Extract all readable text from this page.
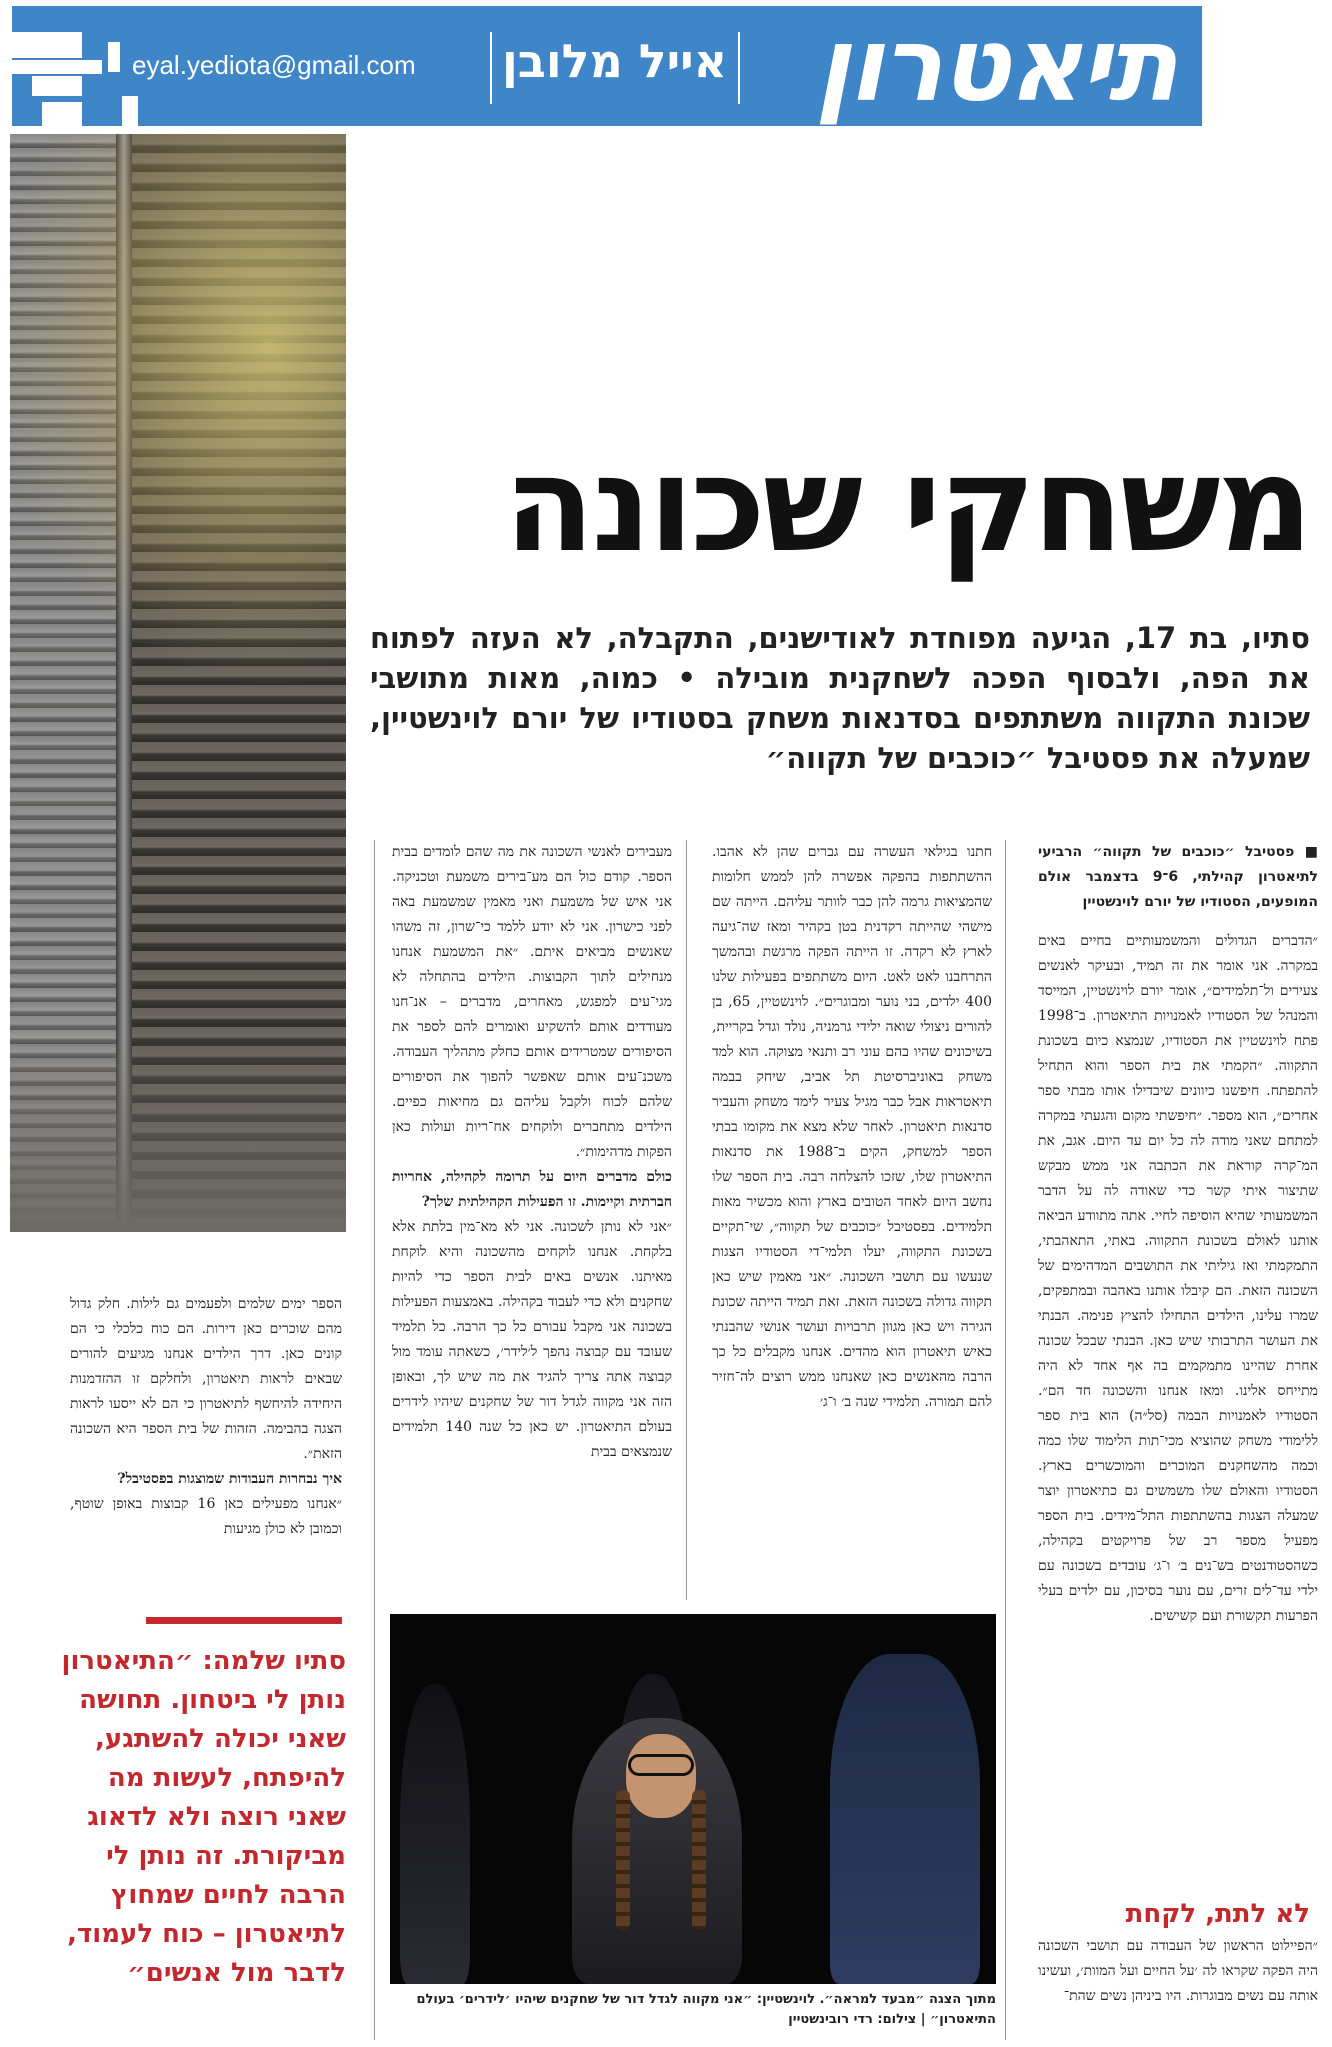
eyal.yediota@gmail.com אייל מלובן תיאטרון
משחקי שכונה

סתיו, בת 17, הגיעה מפוחדת לאודישנים, התקבלה, לא העזה לפתוח את הפה, ולבסוף הפכה לשחקנית מובילה • כמוה, מאות מתושבי שכונת התקווה משתתפים בסדנאות משחק בסטודיו של יורם לוינשטיין, שמעלה את פסטיבל ״כוכבים של תקווה״

■ פסטיבל ״כוכבים של תקווה״ הרביעי לתיאטרון קהילתי, 6־9 בדצמבר אולם המופעים, הסטודיו של יורם לוינשטיין
״הדברים הגדולים והמשמעותיים בחיים באים במקרה. אני אומר את זה תמיד, ובעיקר לאנשים צעירים ול־תלמידים״, אומר יורם לוינשטיין, המייסד והמנהל של הסטודיו לאמנויות התיאטרון. ב־1998 פתח לוינשטיין את הסטודיו, שנמצא כיום בשכונת התקווה. ״הקמתי את בית הספר והוא התחיל להתפתח. חיפשנו כיוונים שיבדילו אותו מבתי ספר אחרים״, הוא מספר. ״חיפשתי מקום והגעתי במקרה למתחם שאני מודה לה כל יום עד היום. אגב, את המ־קרה קוראת את הכתבה אני ממש מבקש שתיצור איתי קשר כדי שאודה לה על הדבר המשמעותי שהיא הוסיפה לחיי. אתה מתוודע הביאה אותנו לאולם בשכונת התקווה. באתי, התאהבתי, התמקמתי ואז גיליתי את התושבים המדהימים של השכונה הזאת. הם קיבלו אותנו באהבה ובמתפקים, שמרו עלינו, הילדים התחילו להציץ פנימה. הבנתי את העושר התרבותי שיש כאן. הבנתי שבכל שכונה אחרת שהיינו מתמקמים בה אף אחד לא היה מתייחס אלינו. ומאז אנחנו והשכונה חד הם״. הסטודיו לאמנויות הבמה (סל״ה) הוא בית ספר ללימודי משחק שהוציא מכי־תות הלימוד שלו כמה וכמה מהשחקנים המוכרים והמוכשרים בארץ. הסטודיו והאולם שלו משמשים גם כתיאטרון יוצר שמעלה הצגות בהשתתפות התל־מידים. בית הספר מפעיל מספר רב של פרויקטים בקהילה, כשהסטודנטים בש־נים ב׳ ו־ג׳ עובדים בשכונה עם ילדי עד־לים זרים, עם נוער בסיכון, עם ילדים בעלי הפרעות תקשורת ועם קשישים.
לא לתת, לקחת
״הפיילוט הראשון של העבודה עם תושבי השכונה היה הפקה שקראו לה ׳על החיים ועל המוות׳, ועשינו אותה עם נשים מבוגרות. היו ביניהן נשים שהת־
חתנו בגילאי העשרה עם גברים שהן לא אהבו. ההשתתפות בהפקה אפשרה להן לממש חלומות שהמציאות גרמה להן כבר לוותר עליהם. הייתה שם מישהי שהייתה רקדנית בטן בקהיר ומאז שה־גיעה לארץ לא רקדה. זו הייתה הפקה מרגשת ובהמשך התרחבנו לאט לאט. היום משתתפים בפעילות שלנו 400 ילדים, בני נוער ומבוגרים״. לוינשטיין, 65, בן להורים ניצולי שואה ילידי גרמניה, נולד וגדל בקריית, בשיכונים שהיו בהם עוני רב ותנאי מצוקה. הוא למד משחק באוניברסיטת תל אביב, שיחק בבמה תיאטראות אבל כבר מגיל צעיר לימד משחק והעביר סדנאות תיאטרון. לאחר שלא מצא את מקומו בבתי הספר למשחק, הקים ב־1988 את סדנאות התיאטרון שלו, שזכו להצלחה רבה. בית הספר שלו נחשב היום לאחד הטובים בארץ והוא מכשיר מאות תלמידים. בפסטיבל ״כוכבים של תקווה״, שי־תקיים בשכונת התקווה, יעלו תלמי־די הסטודיו הצגות שנעשו עם תושבי השכונה. ״אני מאמין שיש כאן תקווה גדולה בשכונה הזאת. זאת תמיד הייתה שכונת הגירה ויש כאן מגוון תרבויות ועושר אנושי שהבנתי כאיש תיאטרון הוא מהדים. אנחנו מקבלים כל כך הרבה מהאנשים כאן שאנחנו ממש רוצים לה־חזיר להם תמורה. תלמידי שנה ב׳ ו־ג׳
מעבירים לאנשי השכונה את מה שהם לומדים בבית הספר. קודם כול הם מע־בירים משמעת וטכניקה. אני איש של משמעת ואני מאמין שמשמעת באה לפני כישרון. אני לא יודע ללמד כי־שרון, זה משהו שאנשים מביאים איתם. ״את המשמעת אנחנו מנחילים לתוך הקבוצות. הילדים בהתחלה לא מגי־עים למפגש, מאחרים, מדברים – אנ־חנו מעודדים אותם להשקיע ואומרים להם לספר את הסיפורים שמטרידים אותם כחלק מתהליך העבודה. משכנ־עים אותם שאפשר להפוך את הסיפורים שלהם לכוח ולקבל עליהם גם מחיאות כפיים. הילדים מתחברים ולוקחים אח־ריות ועולות כאן הפקות מדהימות״.
כולם מדברים היום על תרומה לקהילה, אחריות חברתית וקיימות. זו הפעילות הקהילתית שלך?
״אני לא נותן לשכונה. אני לא מא־מין בלתת אלא בלקחת. אנחנו לוקחים מהשכונה והיא לוקחת מאיתנו. אנשים באים לבית הספר כדי להיות שחקנים ולא כדי לעבוד בקהילה. באמצעות הפעילות בשכונה אני מקבל עבורם כל כך הרבה. כל תלמיד שעובד עם קבוצה נהפך ל׳לידר׳, כשאתה עומד מול קבוצה אתה צריך להגיד את מה שיש לך, ובאופן הזה אני מקווה לגדל דור של שחקנים שיהיו לידרים בעולם התיאטרון. יש כאן כל שנה 140 תלמידים שנמצאים בבית
הספר ימים שלמים ולפעמים גם לילות. חלק גדול מהם שוכרים כאן דירות. הם כוח כלכלי כי הם קונים כאן. דרך הילדים אנחנו מגיעים להורים שבאים לראות תיאטרון, ולחלקם זו ההזדמנות היחידה להיחשף לתיאטרון כי הם לא ייסעו לראות הצגה בהבימה. הזהות של בית הספר היא השכונה הזאת״.
איך נבחרות העבודות שמוצגות בפסטיבל?
״אנחנו מפעילים כאן 16 קבוצות באופן שוטף, וכמובן לא כולן מגיעות

סתיו שלמה: ״התיאטרון נותן לי ביטחון. תחושה שאני יכולה להשתגע, להיפתח, לעשות מה שאני רוצה ולא לדאוג מביקורת. זה נותן לי הרבה לחיים שמחוץ לתיאטרון – כוח לעמוד, לדבר מול אנשים״

מתוך הצגה ״מבעד למראה״. לוינשטיין: ״אני מקווה לגדל דור של שחקנים שיהיו ׳לידרים׳ בעולם התיאטרון״ | צילום: רדי רובינשטיין
